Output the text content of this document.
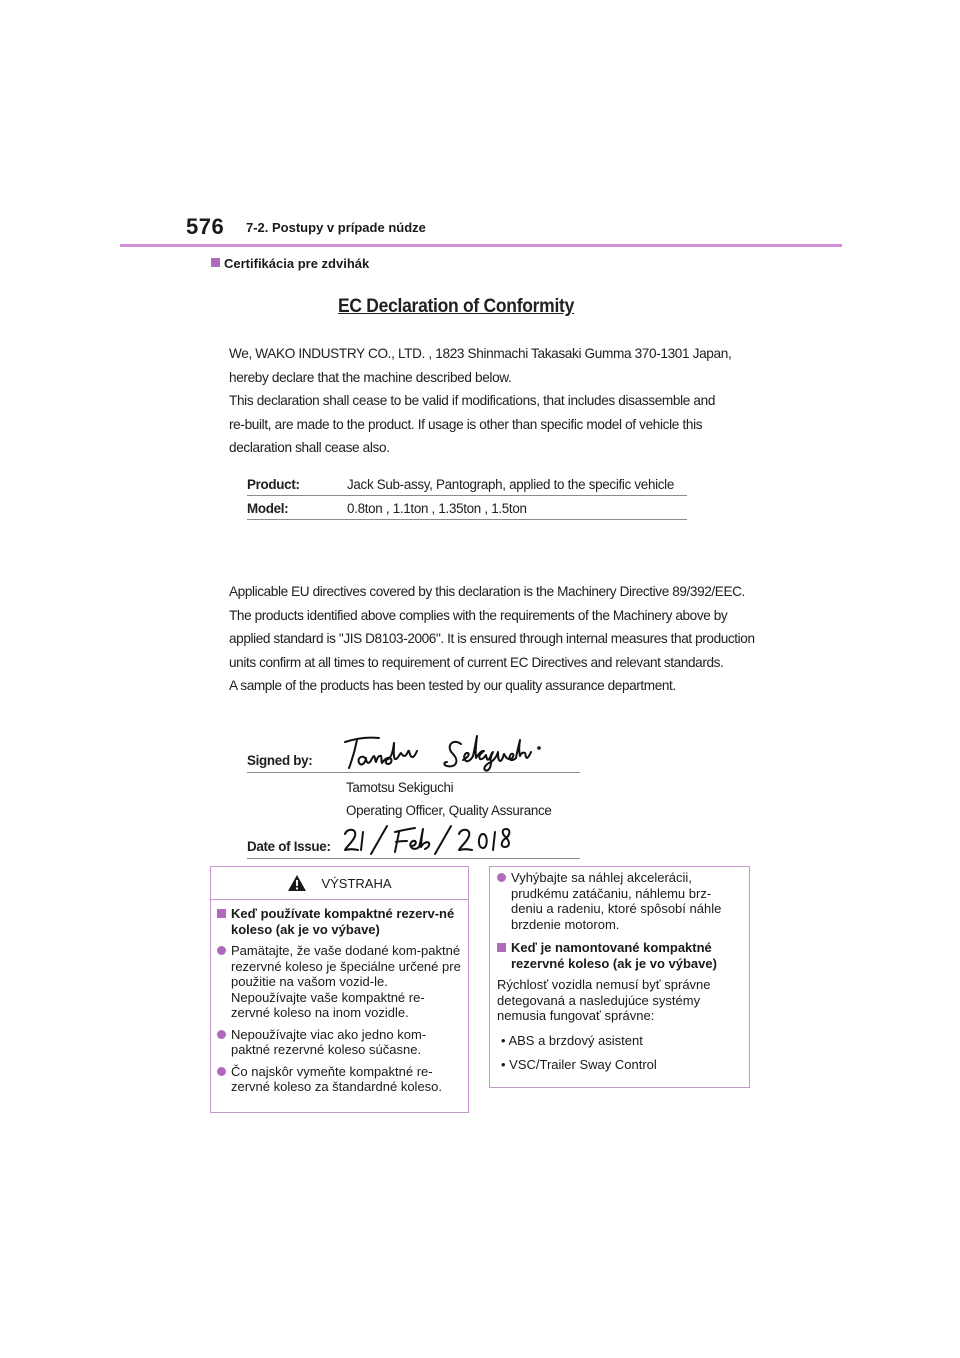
576 7-2. Postupy v prípade núdze
Certifikácia pre zdvihák
EC Declaration of Conformity

We, WAKO INDUSTRY CO., LTD. , 1823 Shinmachi Takasaki Gumma 370-1301 Japan,

hereby declare that the machine described below.

This declaration shall cease to be valid if modifications, that includes disassemble and

re-built, are made to the product. If usage is other than specific model of vehicle this

declaration shall cease also.

Product:	Jack Sub-assy, Pantograph, applied to the specific vehicle
Model:	0.8ton , 1.1ton , 1.35ton , 1.5ton

Applicable EU directives covered by this declaration is the Machinery Directive 89/392/EEC.

The products identified above complies with the requirements of the Machinery above by

applied standard is "JIS D8103-2006". It is ensured through internal measures that production

units confirm at all times to requirement of current EC Directives and relevant standards.

A sample of the products has been tested by our quality assurance department.

Signed by:

Tamotsu Sekiguchi

Operating Officer, Quality Assurance

Date of Issue:
VÝSTRAHA
Keď používate kompaktné rezerv-né koleso (ak je vo výbave)
Pamätajte, že vaše dodané kom-paktné rezervné koleso je špeciálne určené pre použitie na vašom vozid-le. Nepoužívajte vaše kompaktné re-zervné koleso na inom vozidle.
Nepoužívajte viac ako jedno kom-paktné rezervné koleso súčasne.
Čo najskôr vymeňte kompaktné re-zervné koleso za štandardné koleso.
Vyhýbajte sa náhlej akcelerácii, prudkému zatáčaniu, náhlemu brz-deniu a radeniu, ktoré spôsobí náhle brzdenie motorom.
Keď je namontované kompaktné rezervné koleso (ak je vo výbave)
Rýchlosť vozidla nemusí byť správne detegovaná a nasledujúce systémy nemusia fungovať správne:
• ABS a brzdový asistent
• VSC/Trailer Sway Control
